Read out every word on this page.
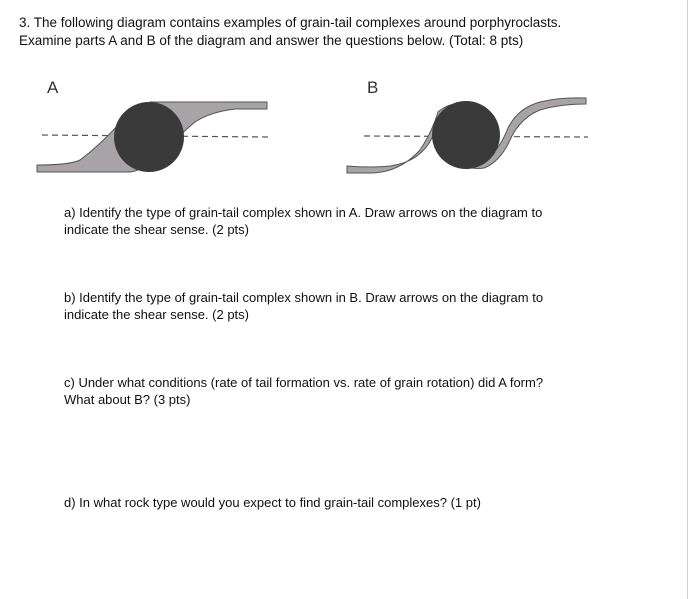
3. The following diagram contains examples of grain-tail complexes around porphyroclasts.

Examine parts A and B of the diagram and answer the questions below. (Total: 8 pts)

A	B

a) Identify the type of grain-tail complex shown in A. Draw arrows on the diagram to

indicate the shear sense. (2 pts)

b) Identify the type of grain-tail complex shown in B. Draw arrows on the diagram to

indicate the shear sense. (2 pts)

c) Under what conditions (rate of tail formation vs. rate of grain rotation) did A form?

What about B? (3 pts)

d) In what rock type would you expect to find grain-tail complexes? (1 pt)
